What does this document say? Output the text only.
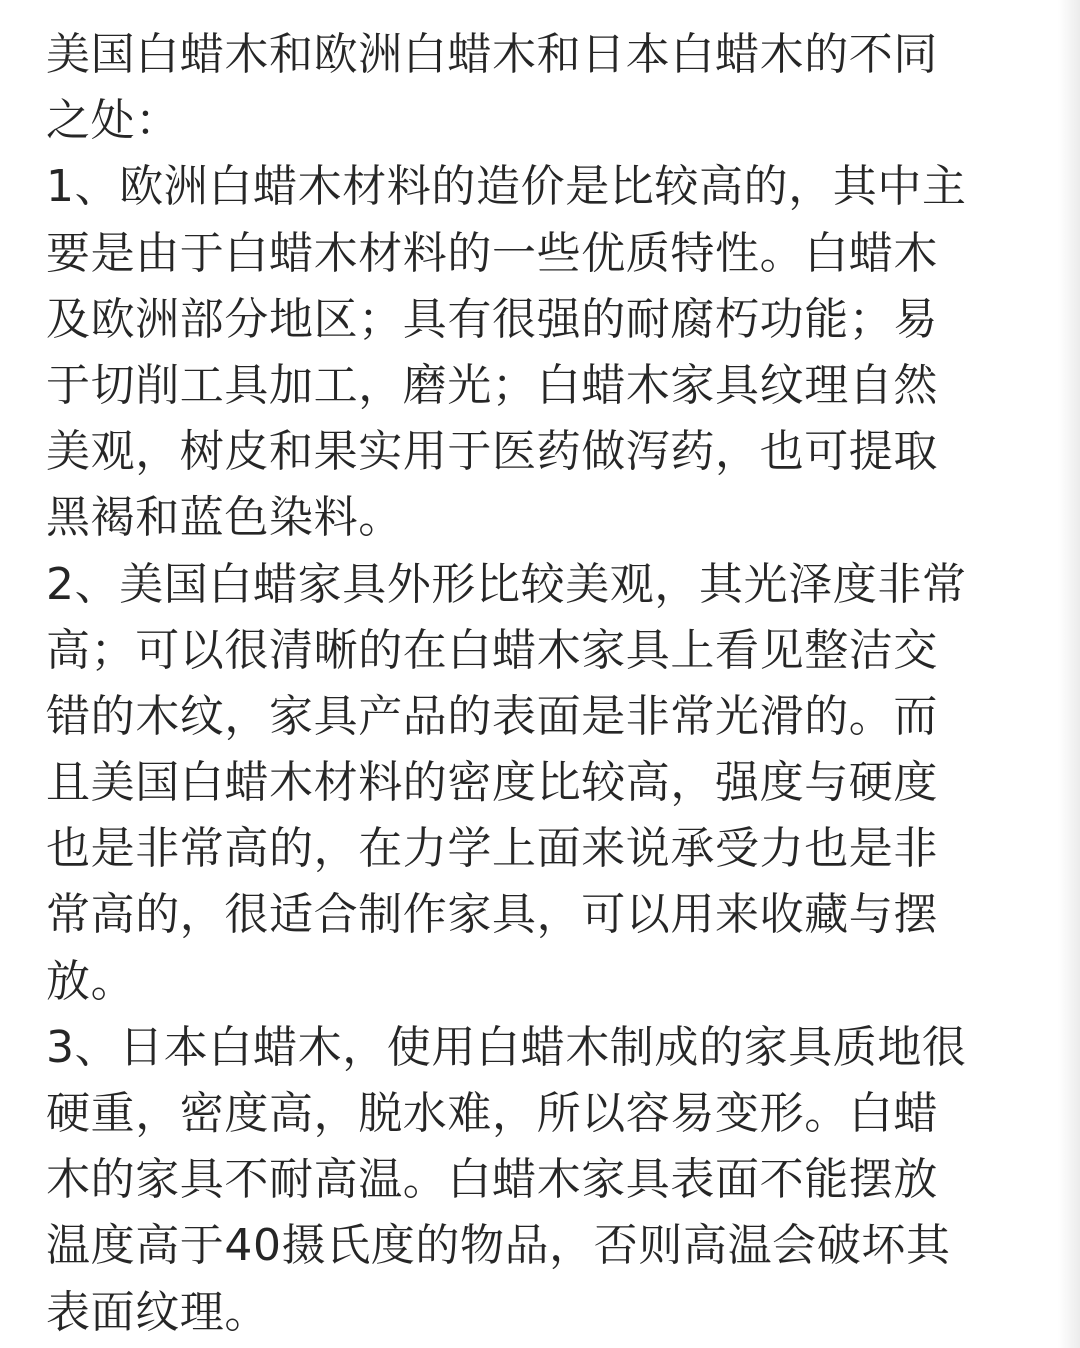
美国白蜡木和欧洲白蜡木和日本白蜡木的不同
之处：
1、欧洲白蜡木材料的造价是比较高的，其中主
要是由于白蜡木材料的一些优质特性。白蜡木
及欧洲部分地区；具有很强的耐腐朽功能；易
于切削工具加工，磨光；白蜡木家具纹理自然
美观，树皮和果实用于医药做泻药，也可提取
黑褐和蓝色染料。
2、美国白蜡家具外形比较美观，其光泽度非常
高；可以很清晰的在白蜡木家具上看见整洁交
错的木纹，家具产品的表面是非常光滑的。而
且美国白蜡木材料的密度比较高，强度与硬度
也是非常高的，在力学上面来说承受力也是非
常高的，很适合制作家具，可以用来收藏与摆
放。
3、日本白蜡木，使用白蜡木制成的家具质地很
硬重，密度高，脱水难，所以容易变形。白蜡
木的家具不耐高温。白蜡木家具表面不能摆放
温度高于40摄氏度的物品，否则高温会破坏其
表面纹理。
